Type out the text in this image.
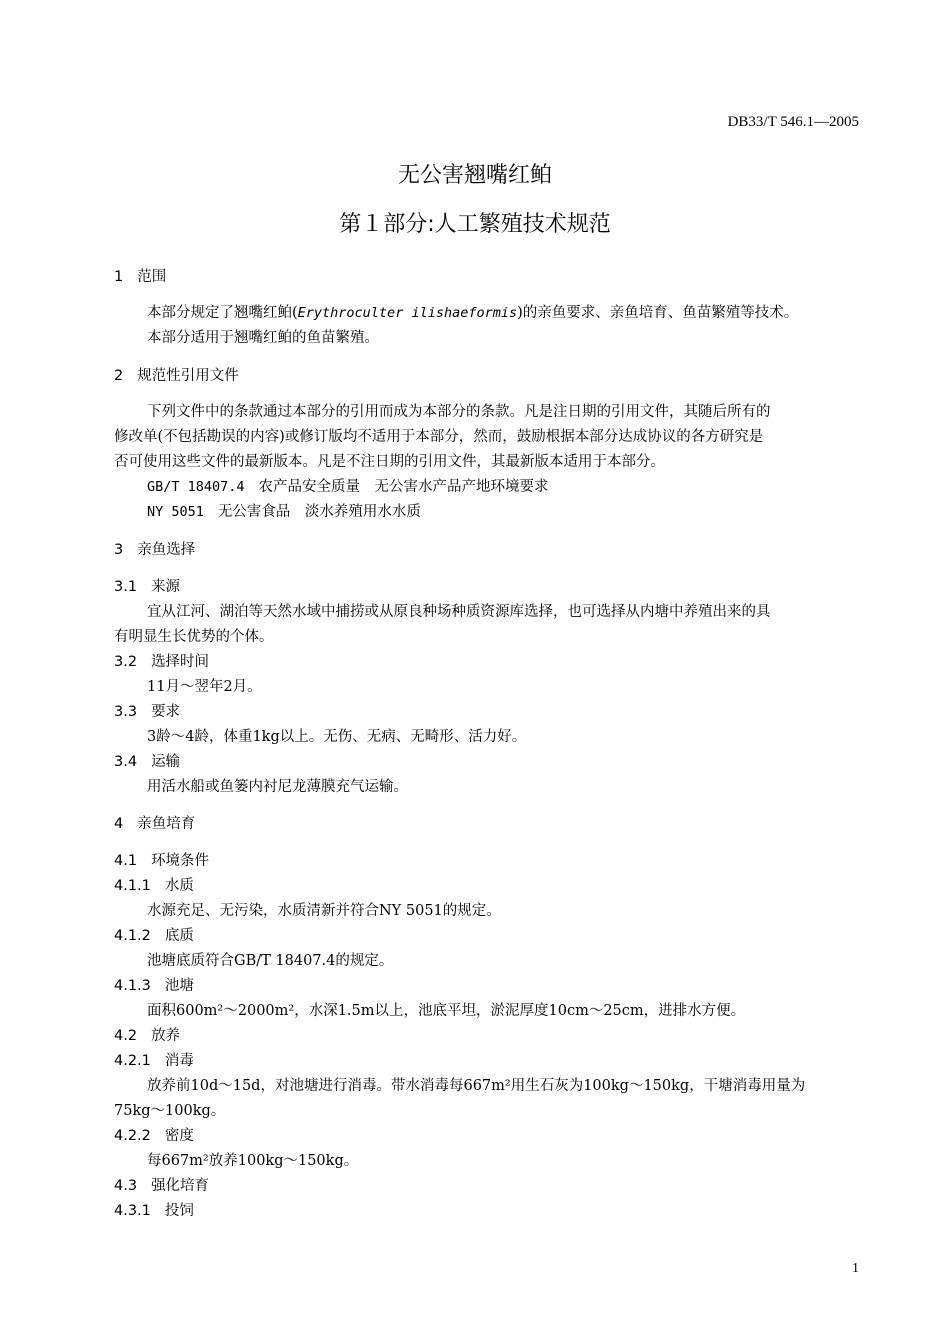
DB33/T 546.1—2005
无公害翘嘴红鲌
第１部分:人工繁殖技术规范
1 范围
本部分规定了翘嘴红鲌(Erythroculter ilishaeformis)的亲鱼要求、亲鱼培育、鱼苗繁殖等技术。
本部分适用于翘嘴红鲌的鱼苗繁殖。
2 规范性引用文件
下列文件中的条款通过本部分的引用而成为本部分的条款。凡是注日期的引用文件，其随后所有的
修改单(不包括勘误的内容)或修订版均不适用于本部分，然而，鼓励根据本部分达成协议的各方研究是
否可使用这些文件的最新版本。凡是不注日期的引用文件，其最新版本适用于本部分。
GB/T 18407.4 农产品安全质量　无公害水产品产地环境要求
NY 5051 无公害食品　淡水养殖用水水质
3 亲鱼选择
3.1 来源
宜从江河、湖泊等天然水域中捕捞或从原良种场种质资源库选择，也可选择从内塘中养殖出来的具
有明显生长优势的个体。
3.2 选择时间
11月～翌年2月。
3.3 要求
3龄～4龄，体重1kg以上。无伤、无病、无畸形、活力好。
3.4 运输
用活水船或鱼篓内衬尼龙薄膜充气运输。
4 亲鱼培育
4.1 环境条件
4.1.1 水质
水源充足、无污染，水质清新并符合NY 5051的规定。
4.1.2 底质
池塘底质符合GB/T 18407.4的规定。
4.1.3 池塘
面积600m²～2000m²，水深1.5m以上，池底平坦，淤泥厚度10cm～25cm，进排水方便。
4.2 放养
4.2.1 消毒
放养前10d～15d，对池塘进行消毒。带水消毒每667m²用生石灰为100kg～150kg，干塘消毒用量为
75kg～100kg。
4.2.2 密度
每667m²放养100kg～150kg。
4.3 强化培育
4.3.1 投饲
1
